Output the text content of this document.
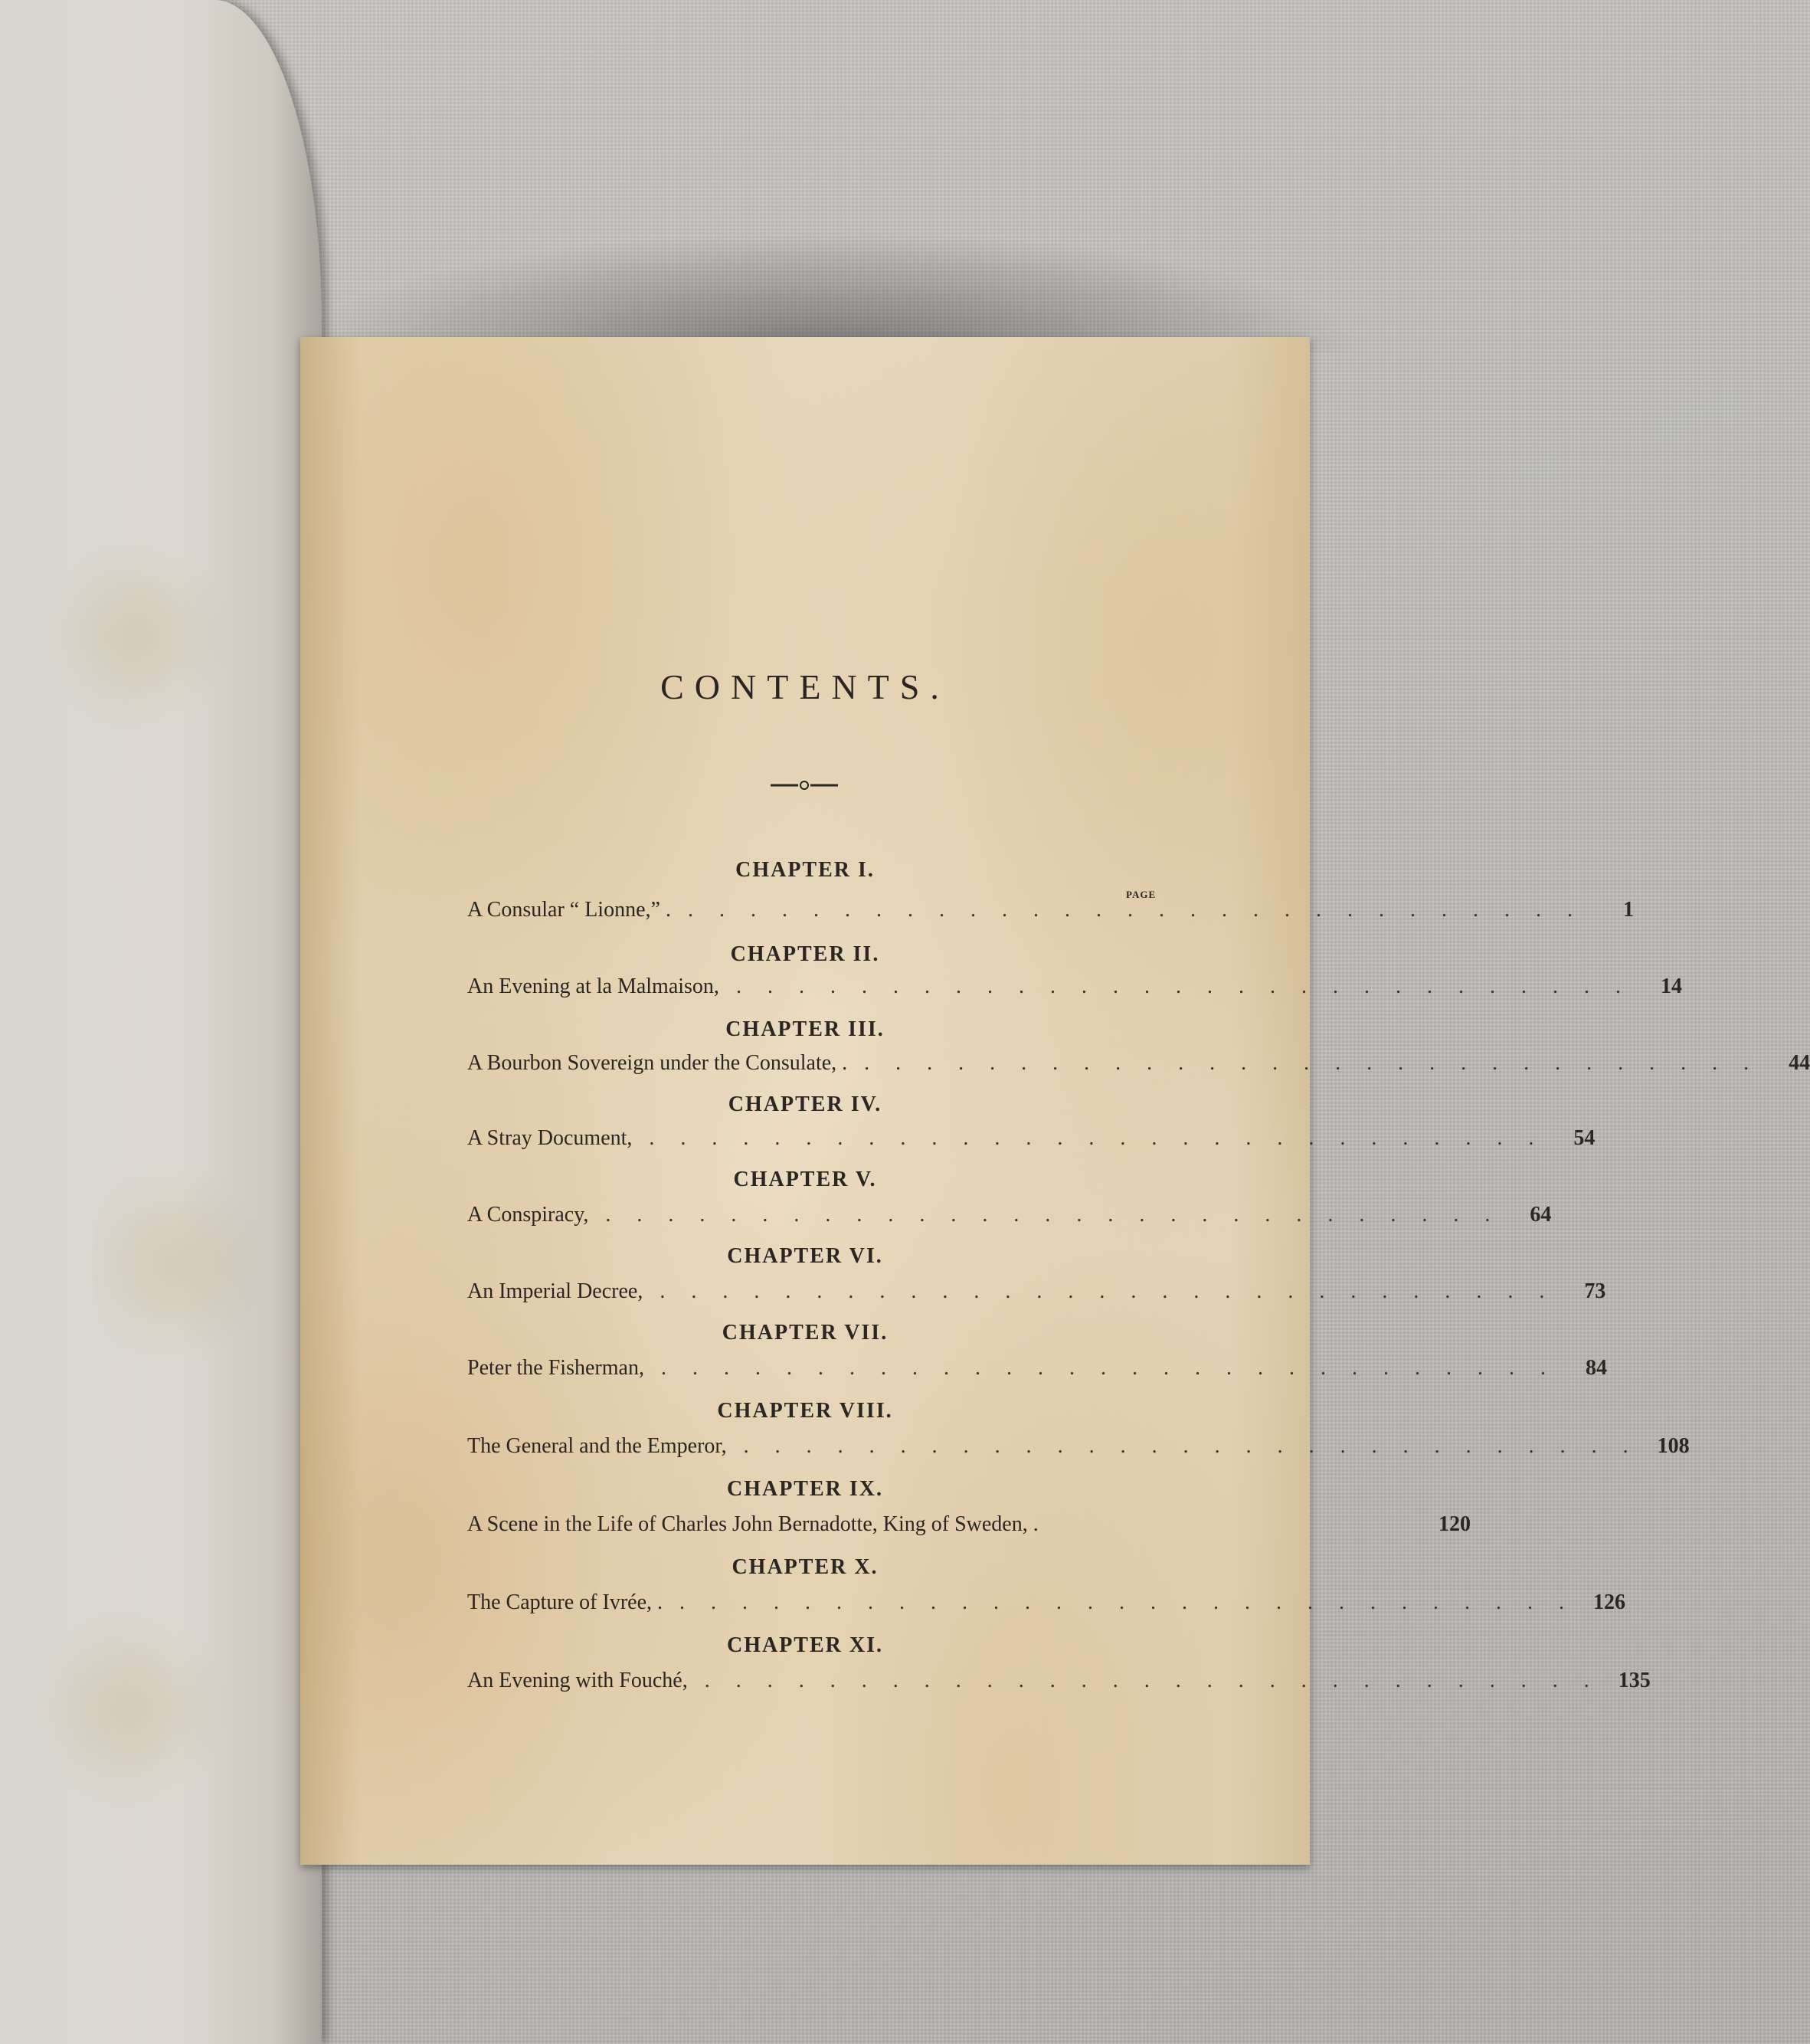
CONTENTS.
PAGE
CHAPTER I.
A Consular “ Lionne,” . .............................	1
CHAPTER II.
An Evening at la Malmaison, ............................. 14
CHAPTER III.
A Bourbon Sovereign under the Consulate, . ............................. 44
CHAPTER IV.
A Stray Document, ............................. 54
CHAPTER V.
A Conspiracy, ............................. 64
CHAPTER VI.
An Imperial Decree, ............................. 73
CHAPTER VII.
Peter the Fisherman, ............................. 84
CHAPTER VIII.
The General and the Emperor, ............................. 108
CHAPTER IX.
A Scene in the Life of Charles John Bernadotte, King of Sweden, .	120
CHAPTER X.
The Capture of Ivrée, . ............................. 126
CHAPTER XI.
An Evening with Fouché, ............................. 135
